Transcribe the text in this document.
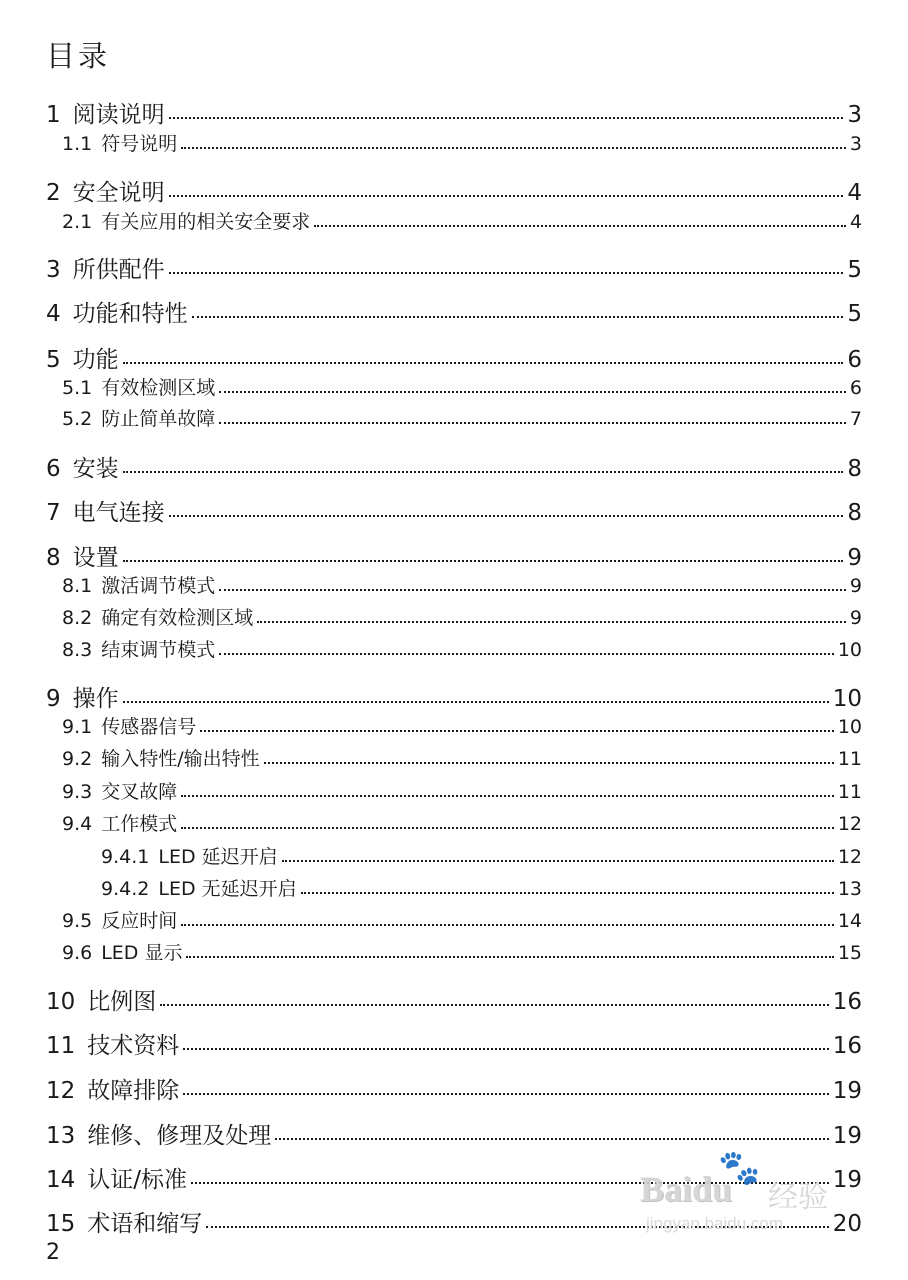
目录
1 阅读说明	3
1.1 符号说明	3
2 安全说明	4
2.1 有关应用的相关安全要求	4
3 所供配件	5
4 功能和特性	5
5 功能	6
5.1 有效检测区域	6
5.2 防止简单故障	7
6 安装	8
7 电气连接	8
8 设置	9
8.1 激活调节模式	9
8.2 确定有效检测区域	9
8.3 结束调节模式	10
9 操作	10
9.1 传感器信号	10
9.2 输入特性/输出特性	11
9.3 交叉故障	11
9.4 工作模式	12
9.4.1 LED 延迟开启	12
9.4.2 LED 无延迟开启	13
9.5 反应时间	14
9.6 LED 显示	15
10 比例图	16
11 技术资料	16
12 故障排除	19
13 维修、修理及处理	19
14 认证/标准	19
15 术语和缩写	20
2
Baidu
🐾
经验
jingyan.baidu.com
